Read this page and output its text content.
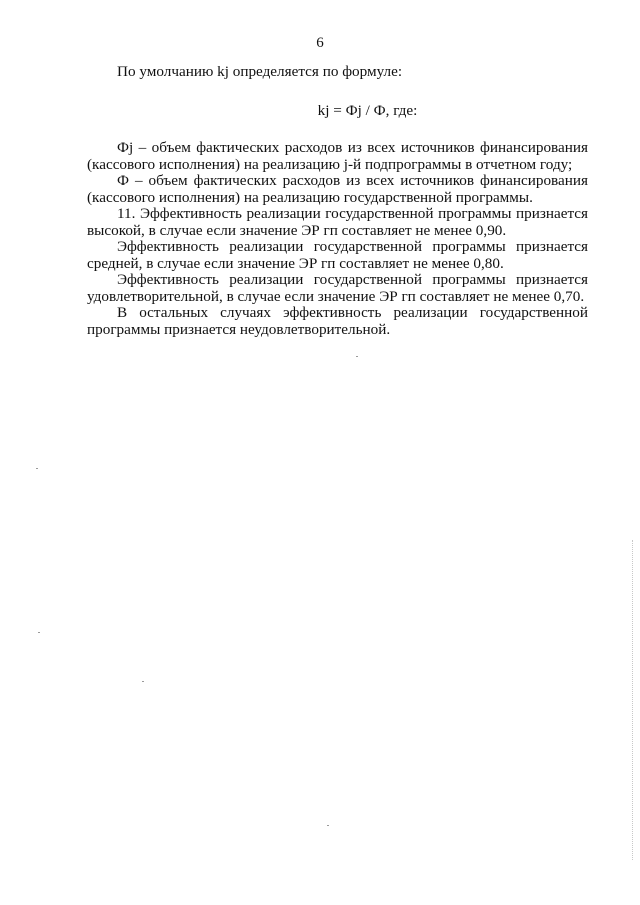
6

По умолчанию kj определяется по формуле:

kj = Фj / Ф, где:

Фj – объем фактических расходов из всех источников финансирования (кассового исполнения) на реализацию j-й подпрограммы в отчетном году;

Ф – объем фактических расходов из всех источников финансирования (кассового исполнения) на реализацию государственной программы.

11. Эффективность реализации государственной программы признается высокой, в случае если значение ЭР гп составляет не менее 0,90.

Эффективность реализации государственной программы признается средней, в случае если значение ЭР гп составляет не менее 0,80.

Эффективность реализации государственной программы признается удовлетворительной, в случае если значение ЭР гп составляет не менее 0,70.

В остальных случаях эффективность реализации государственной программы признается неудовлетворительной.
